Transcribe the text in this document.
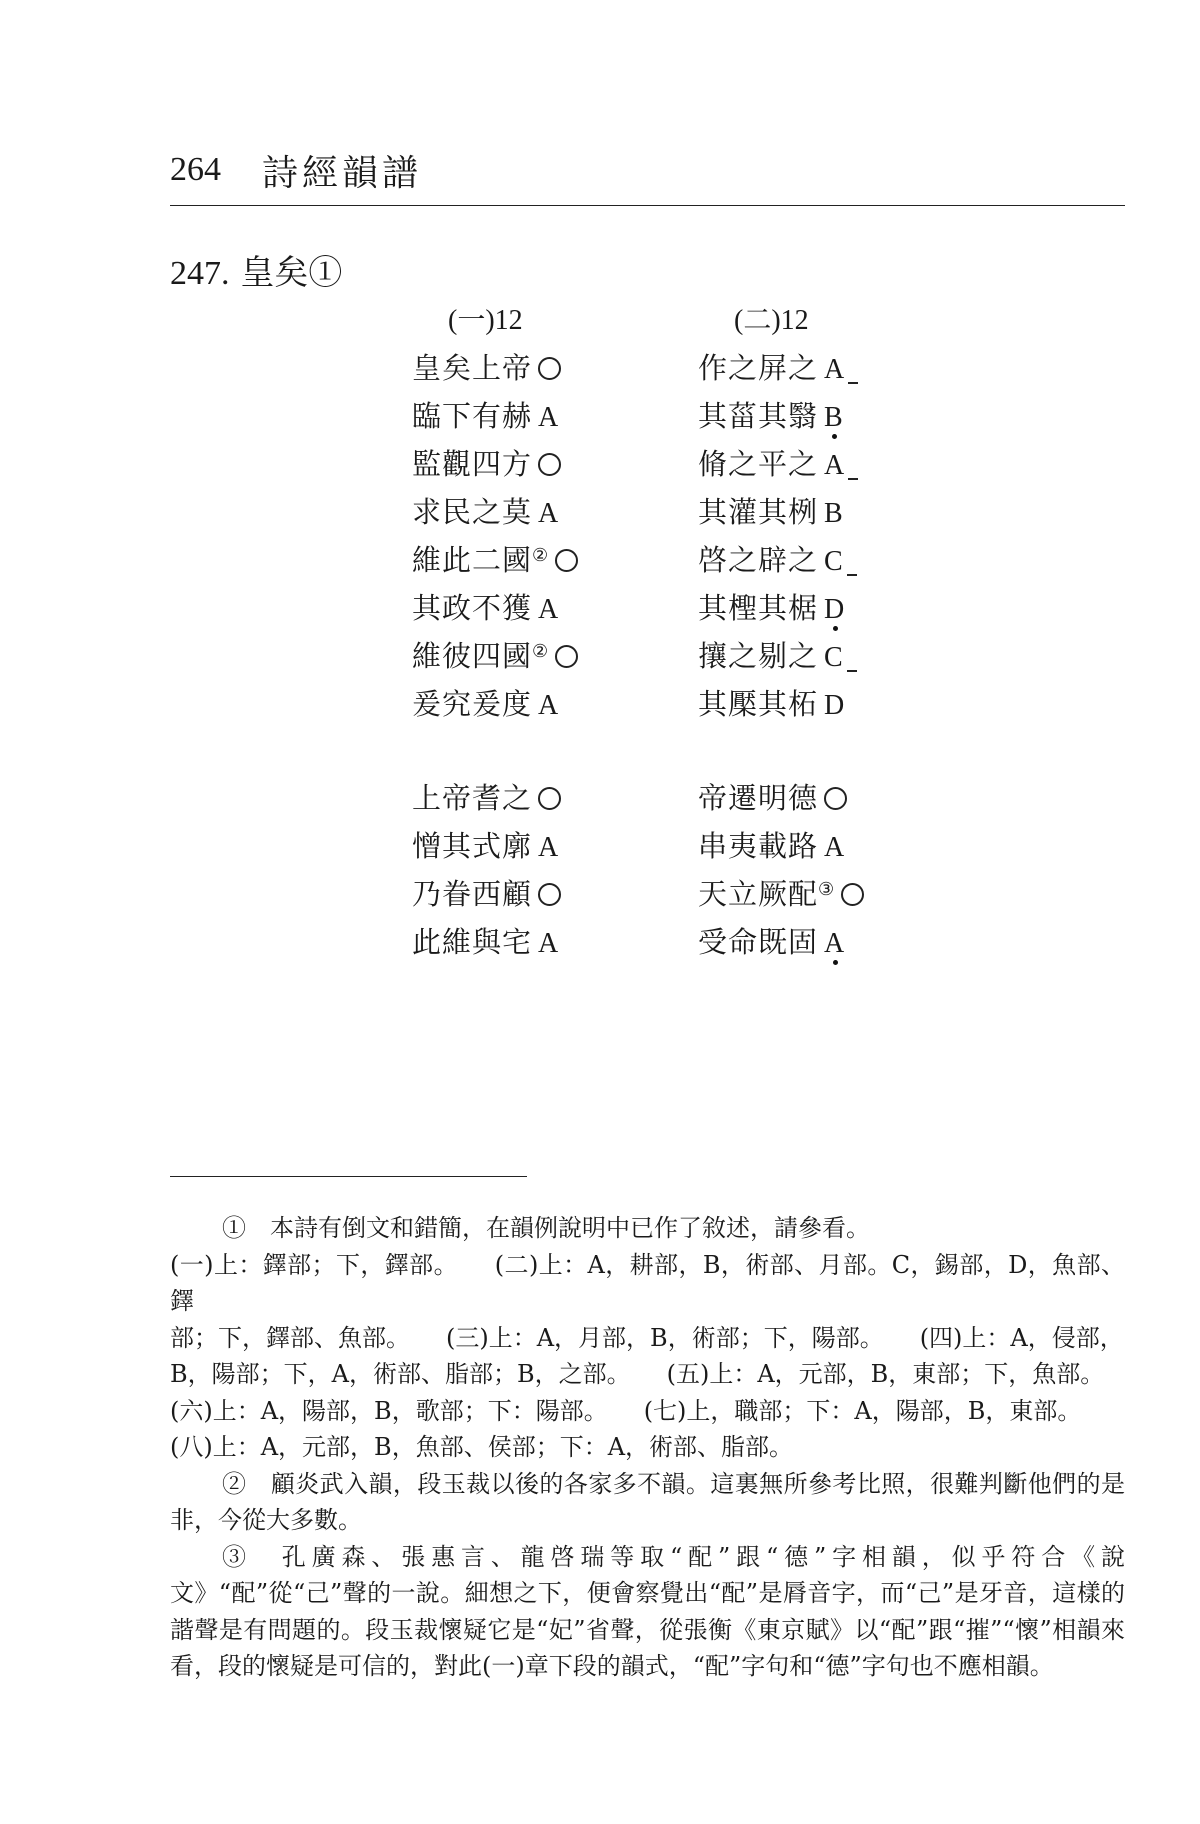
264 詩經韻譜
247. 皇矣①
(一)12
皇矣上帝
臨下有赫 A
監觀四方
求民之莫 A
維此二國②
其政不獲 A
維彼四國②
爰究爰度 A
上帝耆之
憎其式廓 A
乃眷西顧
此維與宅 A
(二)12
作之屏之 A
其菑其翳 B
脩之平之 A
其灌其栵 B
啓之辟之 C
其檉其椐 D
攘之剔之 C
其檿其柘 D
帝遷明德
串夷載路 A
天立厥配③
受命既固 A

①　本詩有倒文和錯簡，在韻例說明中已作了敘述，請參看。

(一)上：鐸部；下，鐸部。　　(二)上：A，耕部，B，術部、月部。C，錫部，D，魚部、鐸

部；下，鐸部、魚部。　　(三)上：A，月部，B，術部；下，陽部。　　(四)上：A，侵部，

B，陽部；下，A，術部、脂部；B，之部。　　(五)上：A，元部，B，東部；下，魚部。

(六)上：A，陽部，B，歌部；下：陽部。　　(七)上，職部；下：A，陽部，B，東部。

(八)上：A，元部，B，魚部、侯部；下：A，術部、脂部。

②　顧炎武入韻，段玉裁以後的各家多不韻。這裏無所參考比照，很難判斷他們的是非，今從大多數。

③　孔廣森、張惠言、龍啓瑞等取“配”跟“德”字相韻，似乎符合《說文》“配”從“己”聲的一說。細想之下，便會察覺出“配”是脣音字，而“己”是牙音，這樣的諧聲是有問題的。段玉裁懷疑它是“妃”省聲，從張衡《東京賦》以“配”跟“摧”“懷”相韻來看，段的懷疑是可信的，對此(一)章下段的韻式，“配”字句和“德”字句也不應相韻。
